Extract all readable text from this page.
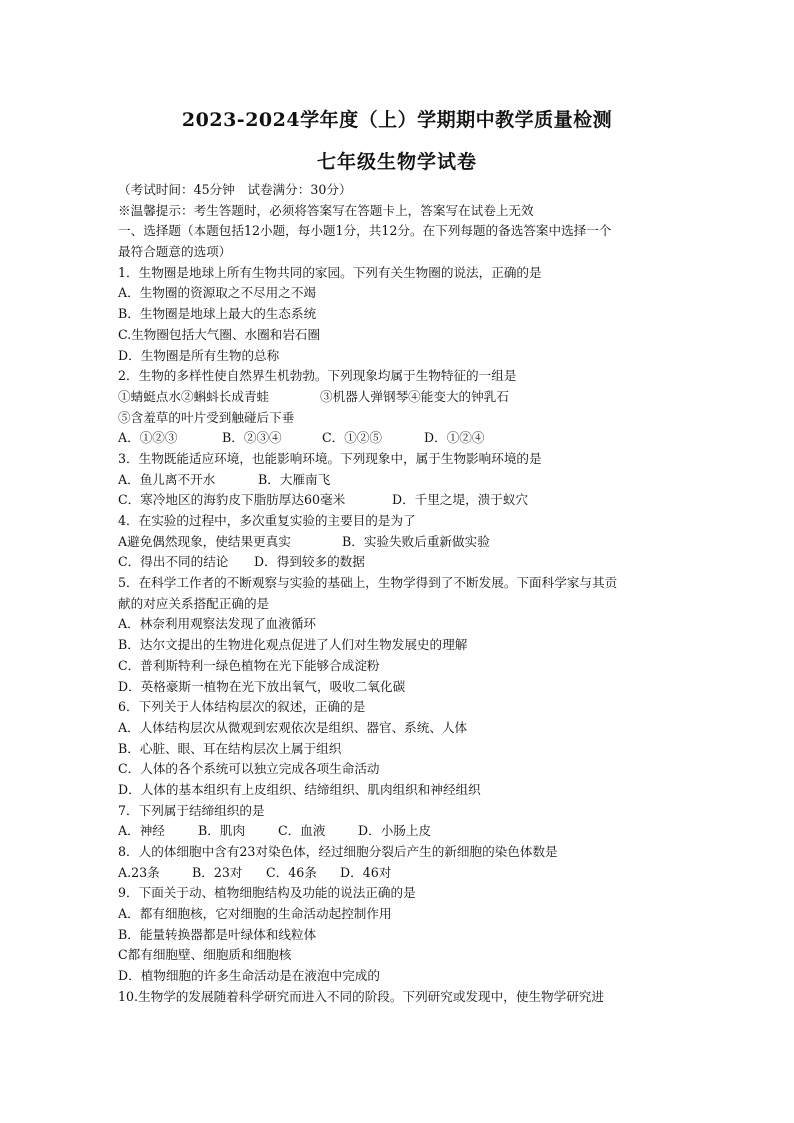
2023-2024学年度（上）学期期中教学质量检测
七年级生物学试卷
（考试时间：45分钟　试卷满分：30分）
※温馨提示：考生答题时，必须将答案写在答题卡上，答案写在试卷上无效
一、选择题（本题包括12小题，每小题1分，共12分。在下列每题的备选答案中选择一个
最符合题意的选项）
1．生物圈是地球上所有生物共同的家园。下列有关生物圈的说法，正确的是
A．生物圈的资源取之不尽用之不竭
B．生物圈是地球上最大的生态系统
C.生物圈包括大气圈、水圈和岩石圈
D．生物圈是所有生物的总称
2．生物的多样性使自然界生机勃勃。下列现象均属于生物特征的一组是
①蜻蜓点水②蝌蚪长成青蛙	③机器人弹钢琴④能变大的钟乳石
⑤含羞草的叶片受到触碰后下垂
A．①②③	B．②③④	C．①②⑤	D．①②④
3．生物既能适应环境，也能影响环境。下列现象中，属于生物影响环境的是
A．鱼儿离不开水	B．大雁南飞
C．寒冷地区的海豹皮下脂肪厚达60毫米	D．千里之堤，溃于蚁穴
4．在实验的过程中，多次重复实验的主要目的是为了
A避免偶然现象，使结果更真实	B．实验失败后重新做实验
C．得出不同的结论 D．得到较多的数据
5．在科学工作者的不断观察与实验的基础上，生物学得到了不断发展。下面科学家与其贡
献的对应关系搭配正确的是
A．林奈利用观察法发现了血液循环
B．达尔文提出的生物进化观点促进了人们对生物发展史的理解
C．普利斯特利一绿色植物在光下能够合成淀粉
D．英格豪斯一植物在光下放出氧气，吸收二氧化碳
6．下列关于人体结构层次的叙述，正确的是
A．人体结构层次从微观到宏观依次是组织、器官、系统、人体
B．心脏、眼、耳在结构层次上属于组织
C．人体的各个系统可以独立完成各项生命活动
D．人体的基本组织有上皮组织、结缔组织、肌肉组织和神经组织
7．下列属于结缔组织的是
A．神经	B．肌肉	C．血液	D．小肠上皮
8．人的体细胞中含有23对染色体，经过细胞分裂后产生的新细胞的染色体数是
A.23条	B．23对 C．46条 D．46对
9．下面关于动、植物细胞结构及功能的说法正确的是
A．都有细胞核，它对细胞的生命活动起控制作用
B．能量转换器都是叶绿体和线粒体
C都有细胞壁、细胞质和细胞核
D．植物细胞的许多生命活动是在液泡中完成的
10.生物学的发展随着科学研究而进入不同的阶段。下列研究或发现中，使生物学研究进
